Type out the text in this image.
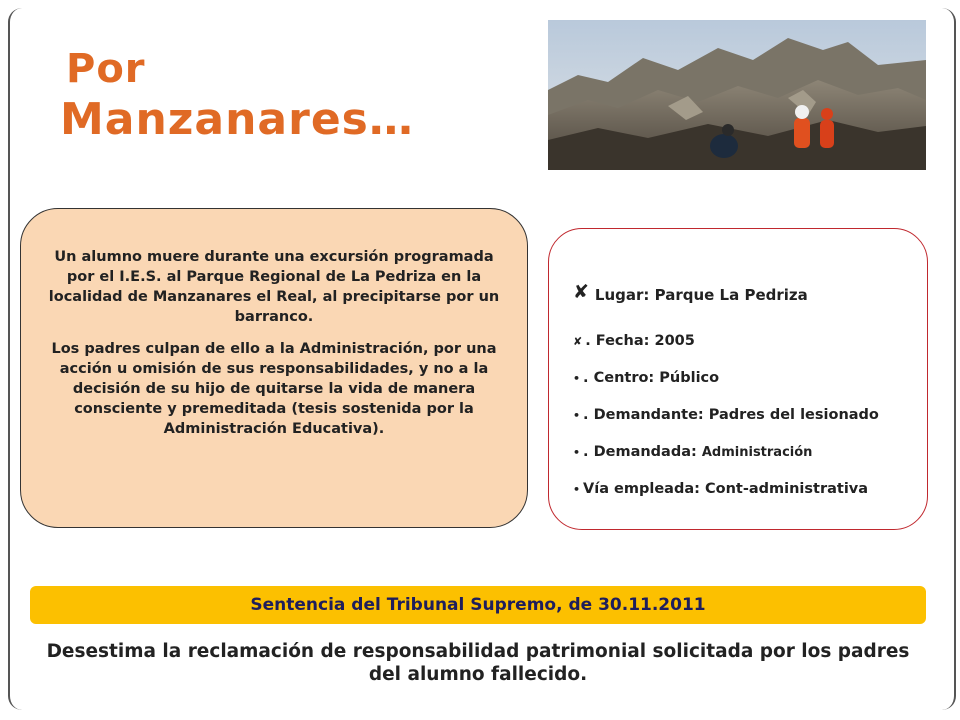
Por
Manzanares…

Un alumno muere durante una excursión programada por el I.E.S. al Parque Regional de La Pedriza en la localidad de Manzanares el Real, al precipitarse por un barranco.

Los padres culpan de ello a la Administración, por una acción u omisión de sus responsabilidades, y no a la decisión de su hijo de quitarse la vida de manera consciente y premeditada (tesis sostenida por la Administración Educativa).

✘ Lugar: Parque La Pedriza
✘ . Fecha: 2005
• . Centro: Público
• . Demandante: Padres del lesionado
• . Demandada: Administración
• Vía empleada: Cont-administrativa
Sentencia del Tribunal Supremo, de 30.11.2011

Desestima la reclamación de responsabilidad patrimonial solicitada por los padres del alumno fallecido.
